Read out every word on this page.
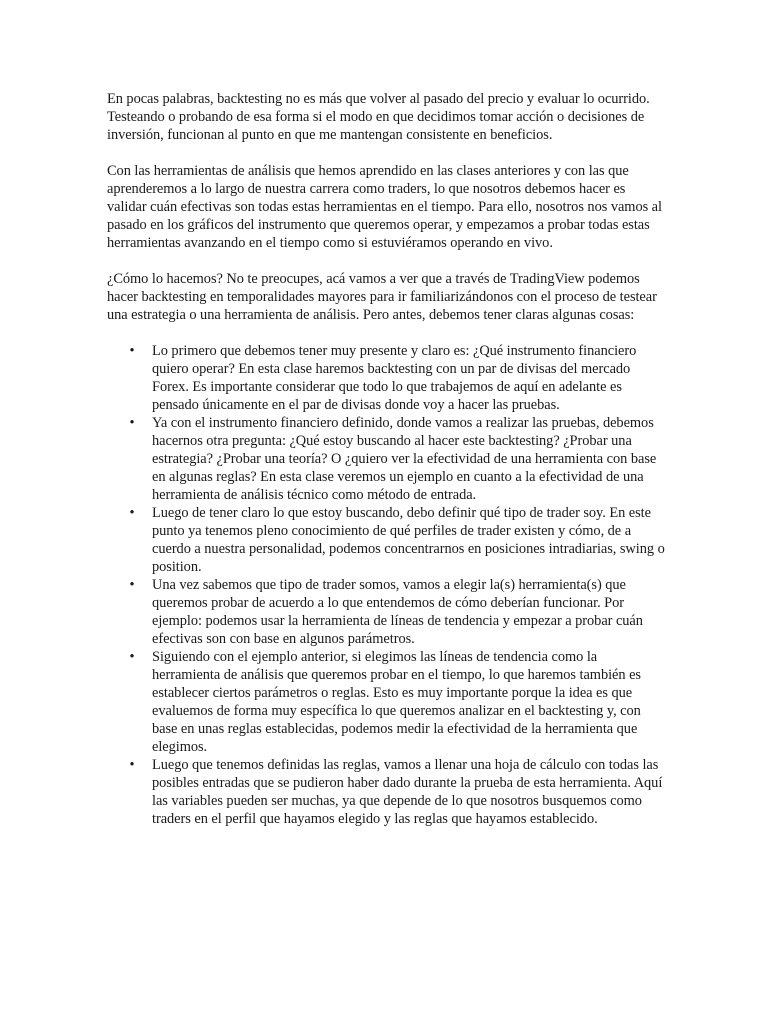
En pocas palabras, backtesting no es más que volver al pasado del precio y evaluar lo ocurrido. Testeando o probando de esa forma si el modo en que decidimos tomar acción o decisiones de inversión, funcionan al punto en que me mantengan consistente en beneficios.

Con las herramientas de análisis que hemos aprendido en las clases anteriores y con las que aprenderemos a lo largo de nuestra carrera como traders, lo que nosotros debemos hacer es validar cuán efectivas son todas estas herramientas en el tiempo. Para ello, nosotros nos vamos al pasado en los gráficos del instrumento que queremos operar, y empezamos a probar todas estas herramientas avanzando en el tiempo como si estuviéramos operando en vivo.

¿Cómo lo hacemos? No te preocupes, acá vamos a ver que a través de TradingView podemos hacer backtesting en temporalidades mayores para ir familiarizándonos con el proceso de testear una estrategia o una herramienta de análisis. Pero antes, debemos tener claras algunas cosas:

• Lo primero que debemos tener muy presente y claro es: ¿Qué instrumento financiero quiero operar? En esta clase haremos backtesting con un par de divisas del mercado Forex. Es importante considerar que todo lo que trabajemos de aquí en adelante es pensado únicamente en el par de divisas donde voy a hacer las pruebas.
• Ya con el instrumento financiero definido, donde vamos a realizar las pruebas, debemos hacernos otra pregunta: ¿Qué estoy buscando al hacer este backtesting? ¿Probar una estrategia? ¿Probar una teoría? O ¿quiero ver la efectividad de una herramienta con base en algunas reglas? En esta clase veremos un ejemplo en cuanto a la efectividad de una herramienta de análisis técnico como método de entrada.
• Luego de tener claro lo que estoy buscando, debo definir qué tipo de trader soy. En este punto ya tenemos pleno conocimiento de qué perfiles de trader existen y cómo, de a cuerdo a nuestra personalidad, podemos concentrarnos en posiciones intradiarias, swing o position.
• Una vez sabemos que tipo de trader somos, vamos a elegir la(s) herramienta(s) que queremos probar de acuerdo a lo que entendemos de cómo deberían funcionar. Por ejemplo: podemos usar la herramienta de líneas de tendencia y empezar a probar cuán efectivas son con base en algunos parámetros.
• Siguiendo con el ejemplo anterior, si elegimos las líneas de tendencia como la herramienta de análisis que queremos probar en el tiempo, lo que haremos también es establecer ciertos parámetros o reglas. Esto es muy importante porque la idea es que evaluemos de forma muy específica lo que queremos analizar en el backtesting y, con base en unas reglas establecidas, podemos medir la efectividad de la herramienta que elegimos.
• Luego que tenemos definidas las reglas, vamos a llenar una hoja de cálculo con todas las posibles entradas que se pudieron haber dado durante la prueba de esta herramienta. Aquí las variables pueden ser muchas, ya que depende de lo que nosotros busquemos como traders en el perfil que hayamos elegido y las reglas que hayamos establecido.
